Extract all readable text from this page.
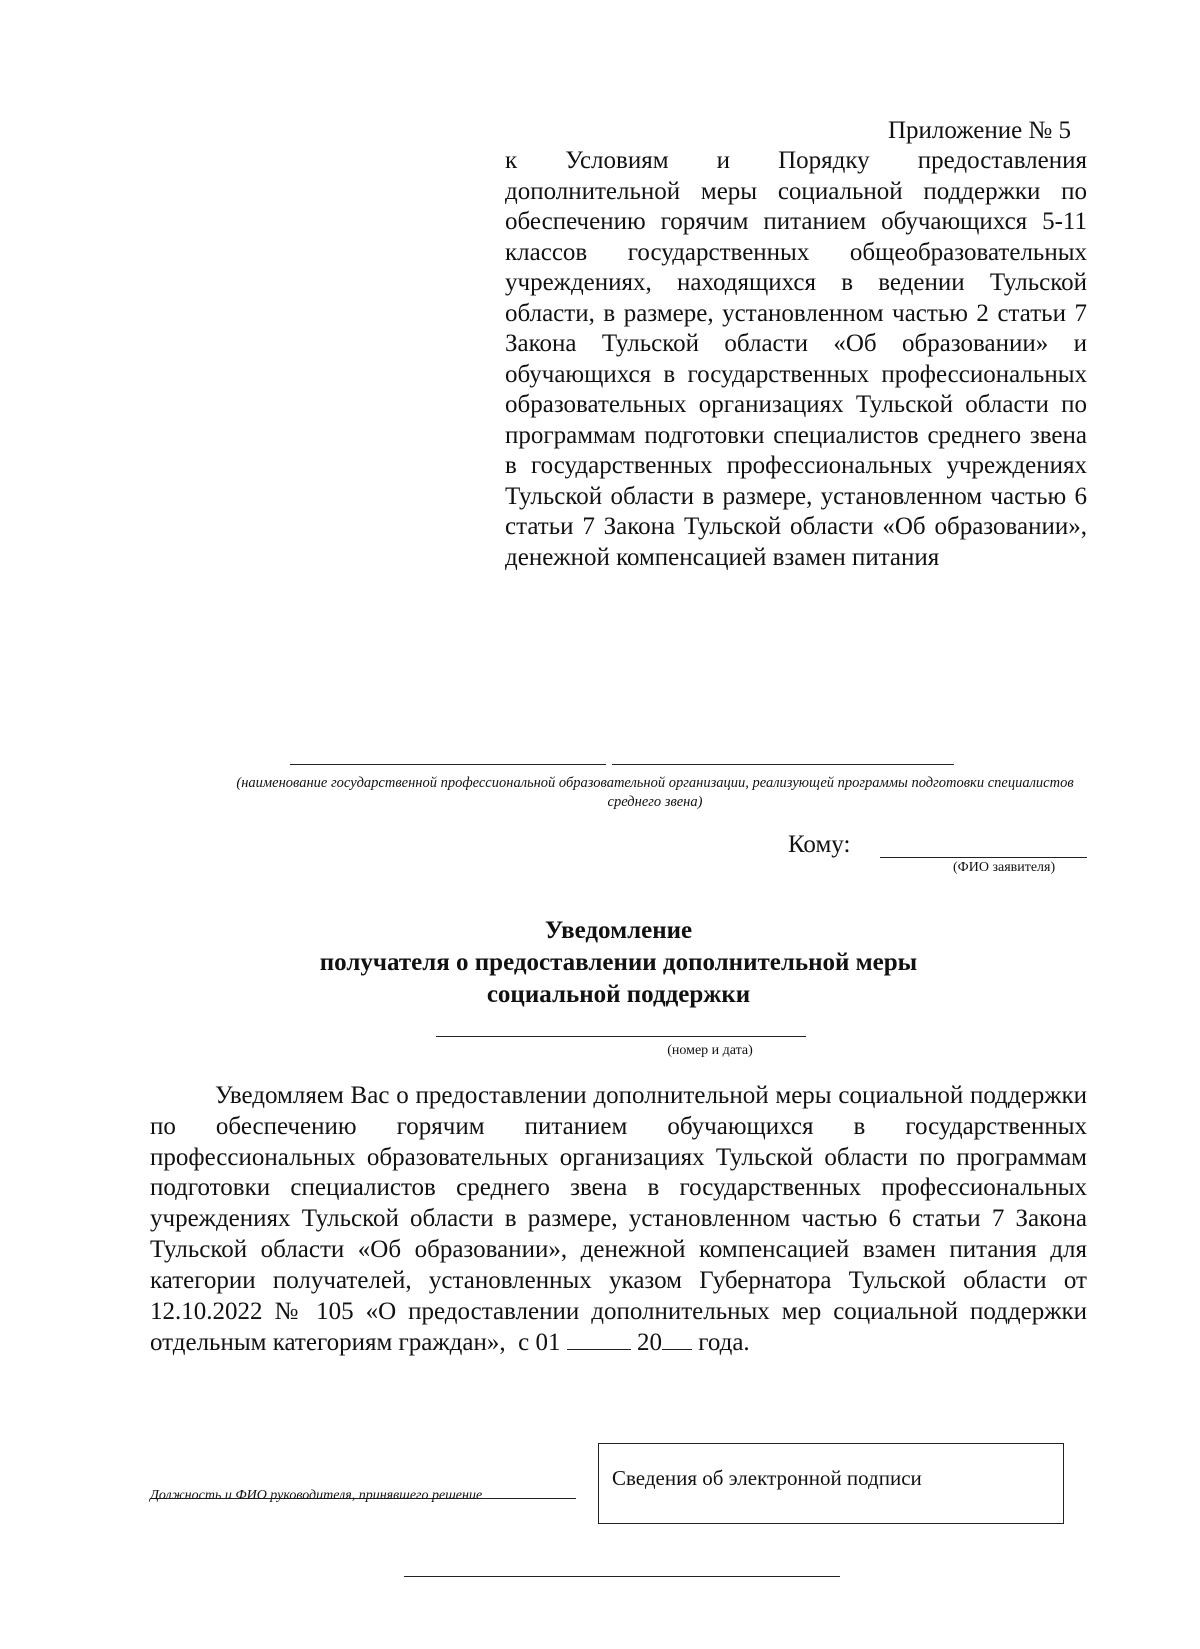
Приложение № 5
к Условиям и Порядку предоставления дополнительной меры социальной поддержки по обеспечению горячим питанием обучающихся 5-11 классов государственных общеобразовательных учреждениях, находящихся в ведении Тульской области, в размере, установленном частью 2 статьи 7 Закона Тульской области «Об образовании» и обучающихся в государственных профессиональных образовательных организациях Тульской области по программам подготовки специалистов среднего звена в государственных профессиональных учреждениях Тульской области в размере, установленном частью 6 статьи 7 Закона Тульской области «Об образовании», денежной компенсацией взамен питания
(наименование государственной профессиональной образовательной организации, реализующей программы подготовки специалистов среднего звена)
Кому:
(ФИО заявителя)
Уведомление
получателя о предоставлении дополнительной меры
социальной поддержки
(номер и дата)
Уведомляем Вас о предоставлении дополнительной меры социальной поддержки по обеспечению горячим питанием обучающихся в государственных профессиональных образовательных организациях Тульской области по программам подготовки специалистов среднего звена в государственных профессиональных учреждениях Тульской области в размере, установленном частью 6 статьи 7 Закона Тульской области «Об образовании», денежной компенсацией взамен питания для категории получателей, установленных указом Губернатора Тульской области от 12.10.2022 № 105 «О предоставлении дополнительных мер социальной поддержки отдельным категориям граждан», с 01	20 года.
Должность и ФИО руководителя, принявшего решение
Сведения об электронной подписи
